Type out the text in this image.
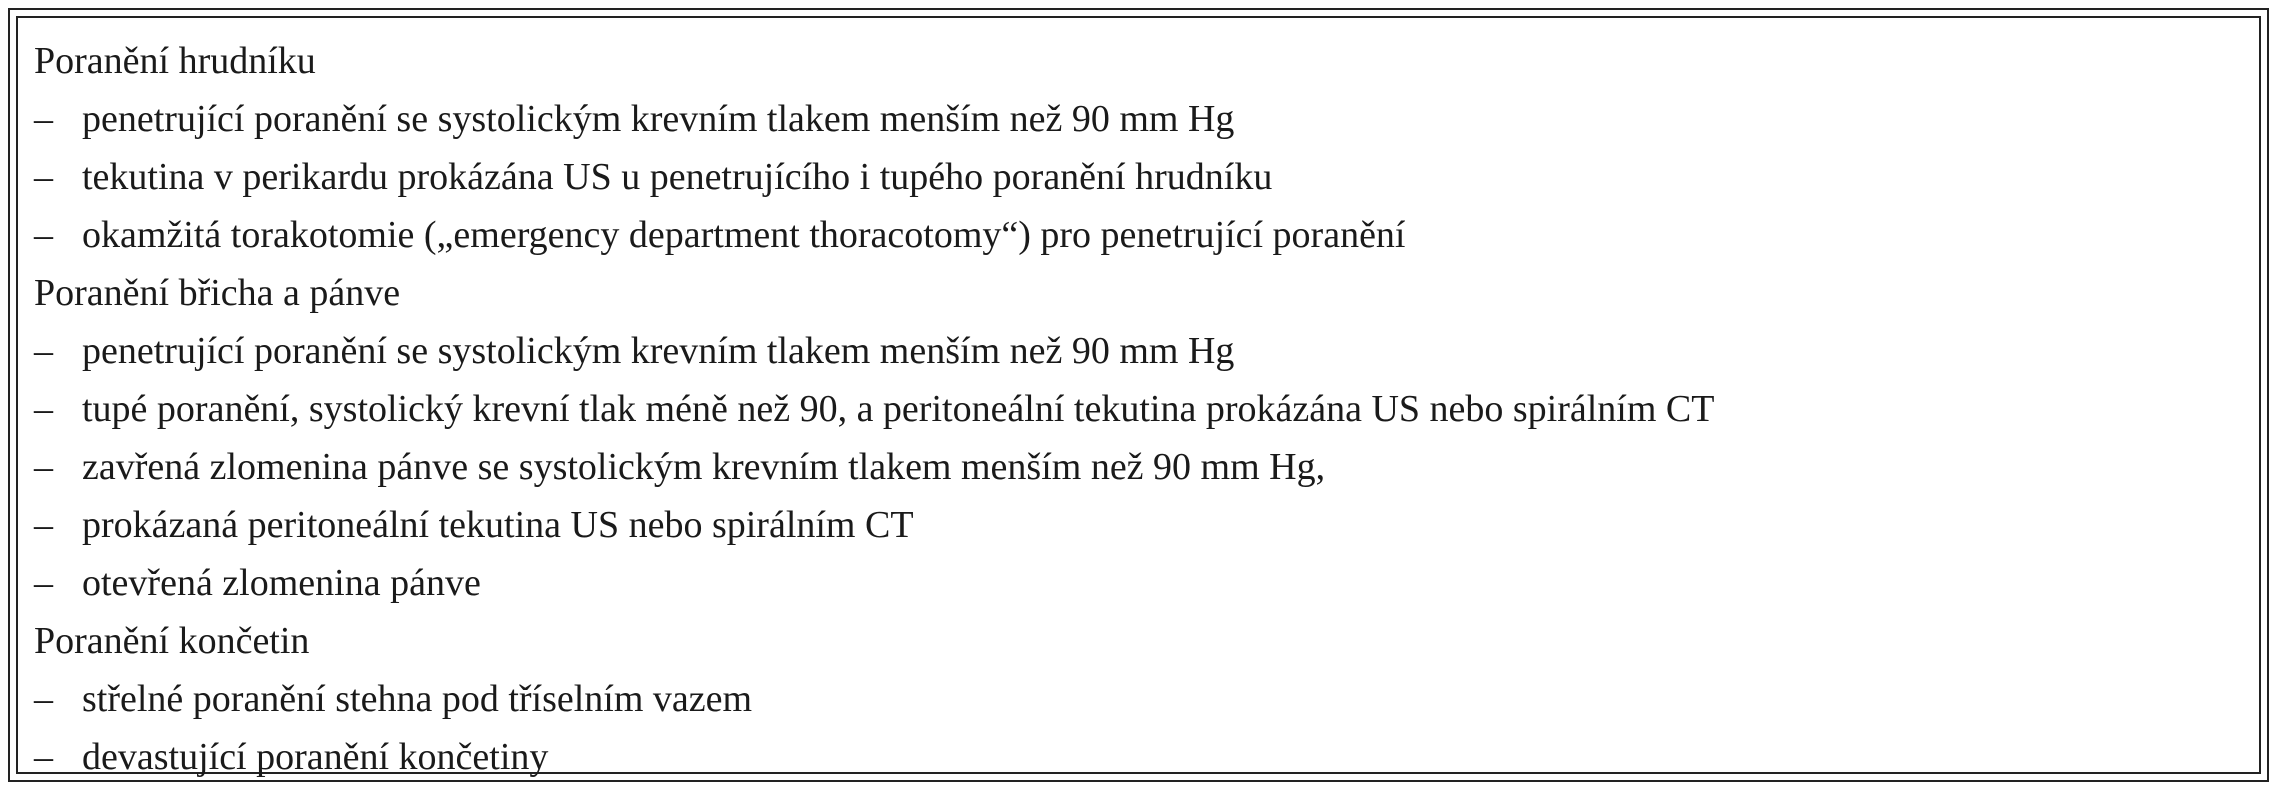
Poranění hrudníku
– penetrující poranění se systolickým krevním tlakem menším než 90 mm Hg
– tekutina v perikardu prokázána US u penetrujícího i tupého poranění hrudníku
– okamžitá torakotomie („emergency department thoracotomy“) pro penetrující poranění
Poranění břicha a pánve
– penetrující poranění se systolickým krevním tlakem menším než 90 mm Hg
– tupé poranění, systolický krevní tlak méně než 90, a peritoneální tekutina prokázána US nebo spirálním CT
– zavřená zlomenina pánve se systolickým krevním tlakem menším než 90 mm Hg,
– prokázaná peritoneální tekutina US nebo spirálním CT
– otevřená zlomenina pánve
Poranění končetin
– střelné poranění stehna pod tříselním vazem
– devastující poranění končetiny
